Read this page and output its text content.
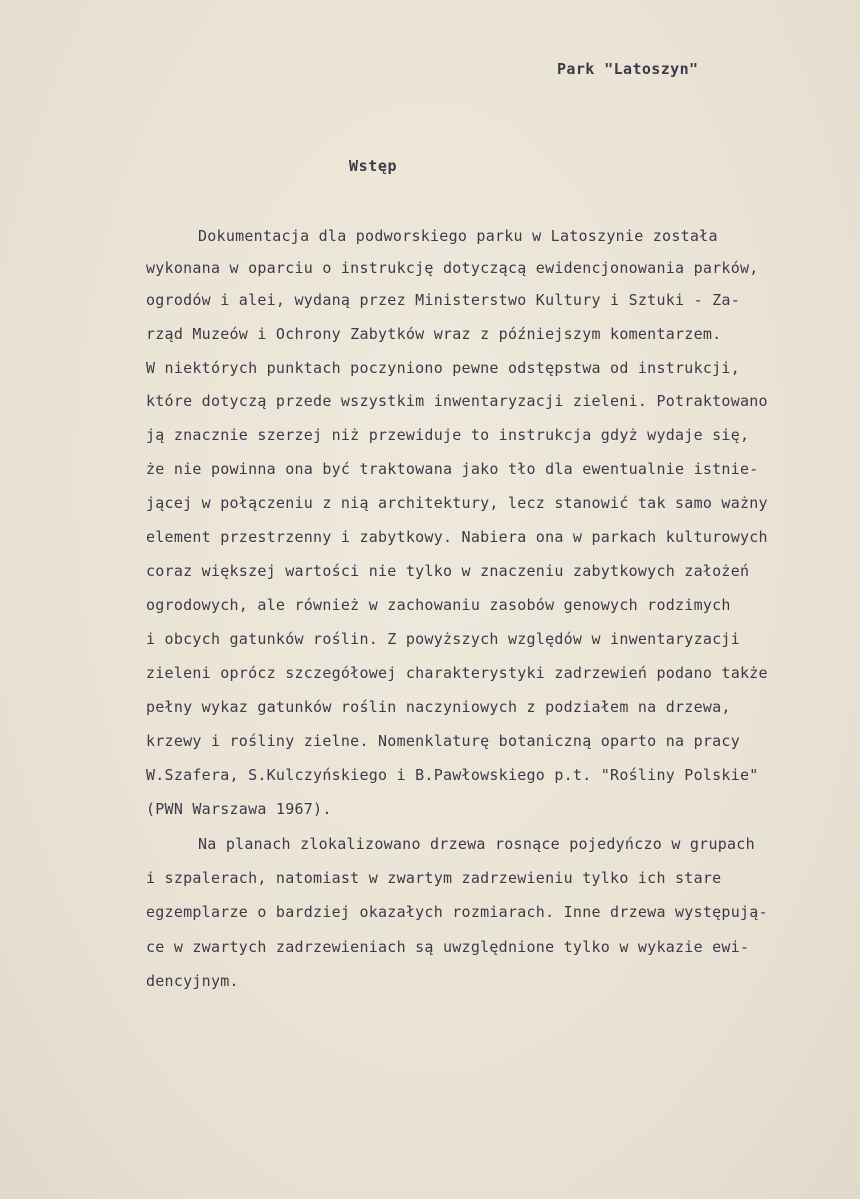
Park "Latoszyn"
Wstęp
Dokumentacja dla podworskiego parku w Latoszynie została
wykonana w oparciu o instrukcję dotyczącą ewidencjonowania parków,
ogrodów i alei, wydaną przez Ministerstwo Kultury i Sztuki - Za-
rząd Muzeów i Ochrony Zabytków wraz z późniejszym komentarzem.
W niektórych punktach poczyniono pewne odstępstwa od instrukcji,
które dotyczą przede wszystkim inwentaryzacji zieleni. Potraktowano
ją znacznie szerzej niż przewiduje to instrukcja gdyż wydaje się,
że nie powinna ona być traktowana jako tło dla ewentualnie istnie-
jącej w połączeniu z nią architektury, lecz stanowić tak samo ważny
element przestrzenny i zabytkowy. Nabiera ona w parkach kulturowych
coraz większej wartości nie tylko w znaczeniu zabytkowych założeń
ogrodowych, ale również w zachowaniu zasobów genowych rodzimych
i obcych gatunków roślin. Z powyższych względów w inwentaryzacji
zieleni oprócz szczegółowej charakterystyki zadrzewień podano także
pełny wykaz gatunków roślin naczyniowych z podziałem na drzewa,
krzewy i rośliny zielne. Nomenklaturę botaniczną oparto na pracy
W.Szafera, S.Kulczyńskiego i B.Pawłowskiego p.t. "Rośliny Polskie"
(PWN Warszawa 1967).
Na planach zlokalizowano drzewa rosnące pojedyńczo w grupach
i szpalerach, natomiast w zwartym zadrzewieniu tylko ich stare
egzemplarze o bardziej okazałych rozmiarach. Inne drzewa występują-
ce w zwartych zadrzewieniach są uwzględnione tylko w wykazie ewi-
dencyjnym.
